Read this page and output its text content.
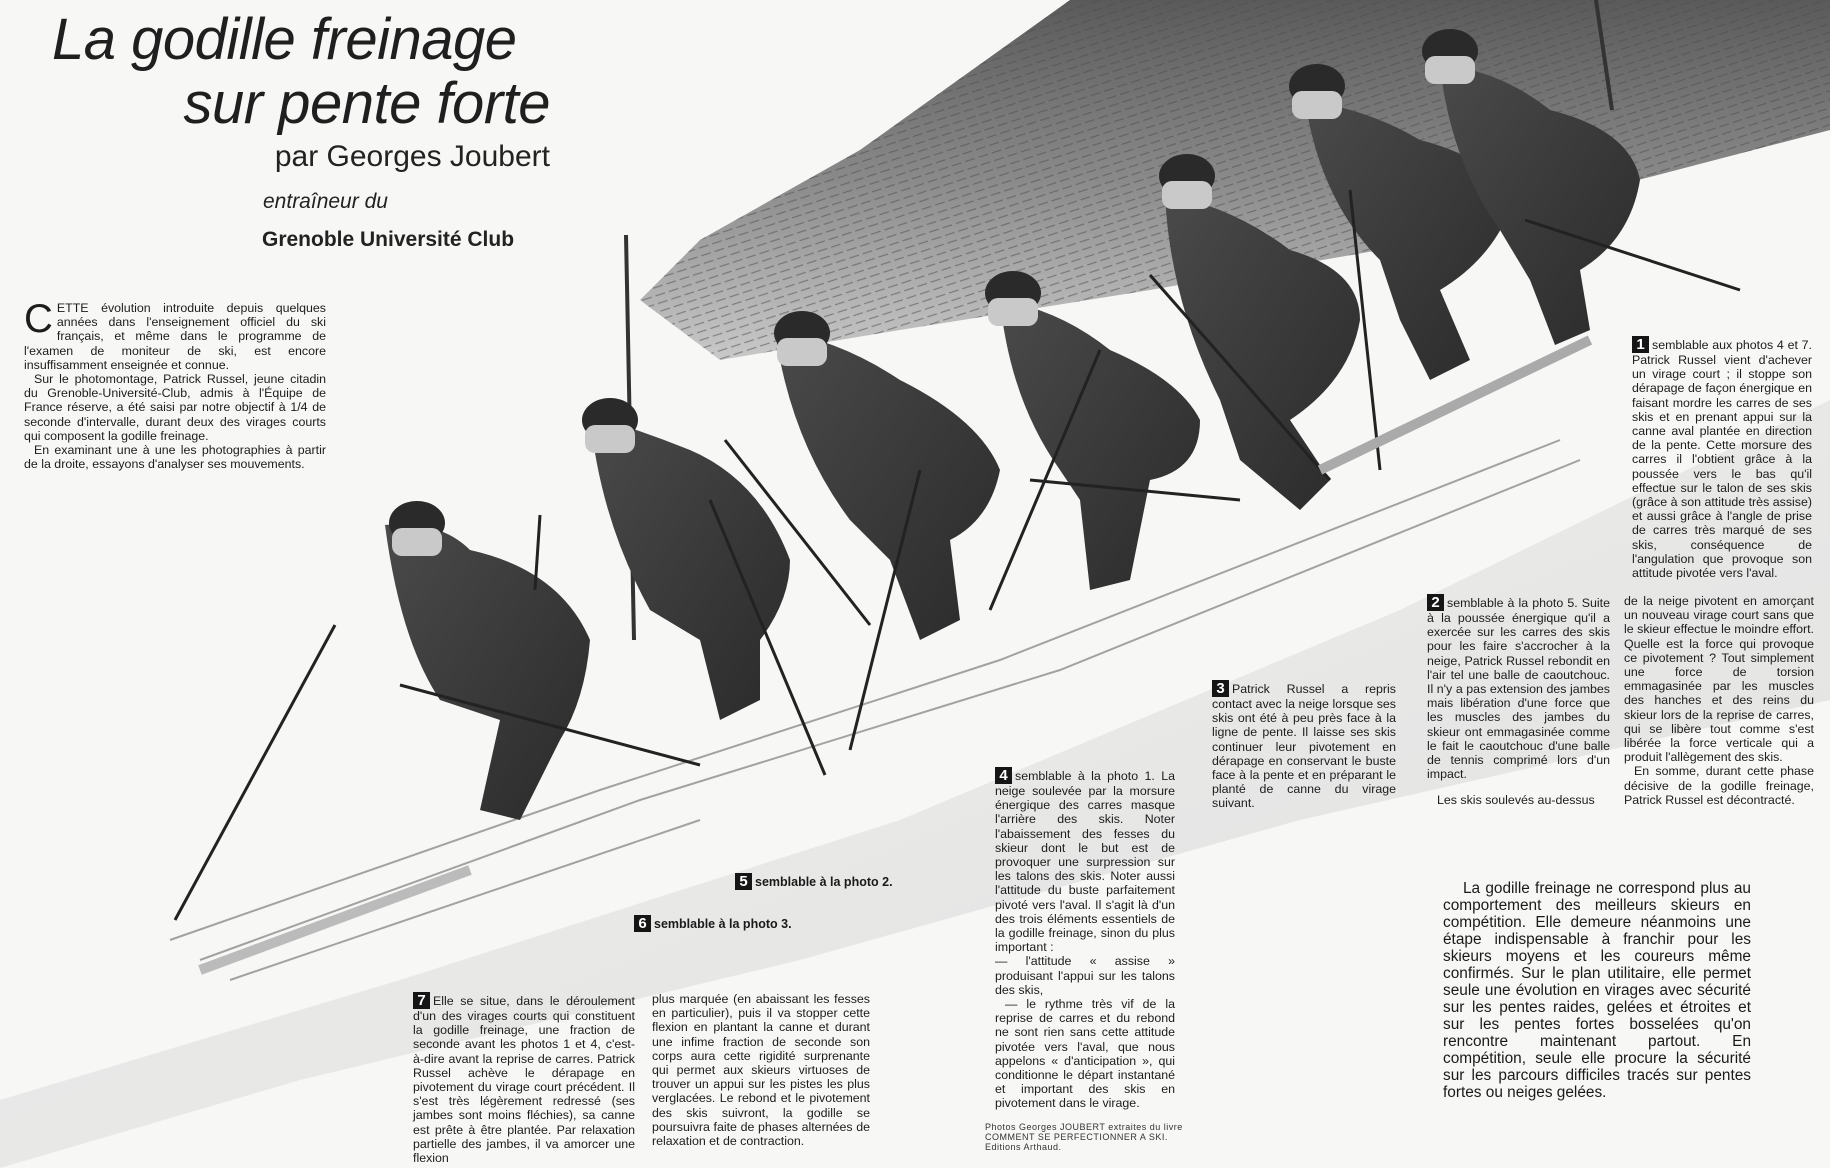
La godille freinage
sur pente forte
par Georges Joubert
entraîneur du
Grenoble Université Club

CETTE évolution introduite depuis quelques années dans l'enseignement officiel du ski français, et même dans le programme de l'examen de moniteur de ski, est encore insuffisamment enseignée et connue.

Sur le photomontage, Patrick Russel, jeune citadin du Grenoble-Université-Club, admis à l'Équipe de France réserve, a été saisi par notre objectif à 1/4 de seconde d'intervalle, durant deux des virages courts qui composent la godille freinage.

En examinant une à une les photographies à partir de la droite, essayons d'analyser ses mouvements.

1 semblable aux photos 4 et 7. Patrick Russel vient d'achever un virage court ; il stoppe son dérapage de façon énergique en faisant mordre les carres de ses skis et en prenant appui sur la canne aval plantée en direction de la pente. Cette morsure des carres il l'obtient grâce à la poussée vers le bas qu'il effectue sur le talon de ses skis (grâce à son attitude très assise) et aussi grâce à l'angle de prise de carres très marqué de ses skis, conséquence de l'angulation que provoque son attitude pivotée vers l'aval.

2 semblable à la photo 5. Suite à la poussée énergique qu'il a exercée sur les carres des skis pour les faire s'accrocher à la neige, Patrick Russel rebondit en l'air tel une balle de caoutchouc. Il n'y a pas extension des jambes mais libération d'une force que les muscles des jambes du skieur ont emmagasinée comme le fait le caoutchouc d'une balle de tennis comprimé lors d'un impact.

Les skis soulevés au-dessus

de la neige pivotent en amorçant un nouveau virage court sans que le skieur effectue le moindre effort. Quelle est la force qui provoque ce pivotement ? Tout simplement une force de torsion emmagasinée par les muscles des hanches et des reins du skieur lors de la reprise de carres, qui se libère tout comme s'est libérée la force verticale qui a produit l'allègement des skis.

En somme, durant cette phase décisive de la godille freinage, Patrick Russel est décontracté.

3 Patrick Russel a repris contact avec la neige lorsque ses skis ont été à peu près face à la ligne de pente. Il laisse ses skis continuer leur pivotement en dérapage en conservant le buste face à la pente et en préparant le planté de canne du virage suivant.

4 semblable à la photo 1. La neige soulevée par la morsure énergique des carres masque l'arrière des skis. Noter l'abaissement des fesses du skieur dont le but est de provoquer une surpression sur les talons des skis. Noter aussi l'attitude du buste parfaitement pivoté vers l'aval. Il s'agit là d'un des trois éléments essentiels de la godille freinage, sinon du plus important :

— l'attitude « assise » produisant l'appui sur les talons des skis,

— le rythme très vif de la reprise de carres et du rebond ne sont rien sans cette attitude pivotée vers l'aval, que nous appelons « d'anticipation », qui conditionne le départ instantané et important des skis en pivotement dans le virage.

5 semblable à la photo 2.
6 semblable à la photo 3.

7 Elle se situe, dans le déroulement d'un des virages courts qui constituent la godille freinage, une fraction de seconde avant les photos 1 et 4, c'est-à-dire avant la reprise de carres. Patrick Russel achève le dérapage en pivotement du virage court précédent. Il s'est très légèrement redressé (ses jambes sont moins fléchies), sa canne est prête à être plantée. Par relaxation partielle des jambes, il va amorcer une flexion

plus marquée (en abaissant les fesses en particulier), puis il va stopper cette flexion en plantant la canne et durant une infime fraction de seconde son corps aura cette rigidité surprenante qui permet aux skieurs virtuoses de trouver un appui sur les pistes les plus verglacées. Le rebond et le pivotement des skis suivront, la godille se poursuivra faite de phases alternées de relaxation et de contraction.

Photos Georges JOUBERT extraites du livre
COMMENT SE PERFECTIONNER A SKI.
Editions Arthaud.

La godille freinage ne correspond plus au comportement des meilleurs skieurs en compétition. Elle demeure néanmoins une étape indispensable à franchir pour les skieurs moyens et les coureurs même confirmés. Sur le plan utilitaire, elle permet seule une évolution en virages avec sécurité sur les pentes raides, gelées et étroites et sur les pentes fortes bosselées qu'on rencontre maintenant partout. En compétition, seule elle procure la sécurité sur les parcours difficiles tracés sur pentes fortes ou neiges gelées.
